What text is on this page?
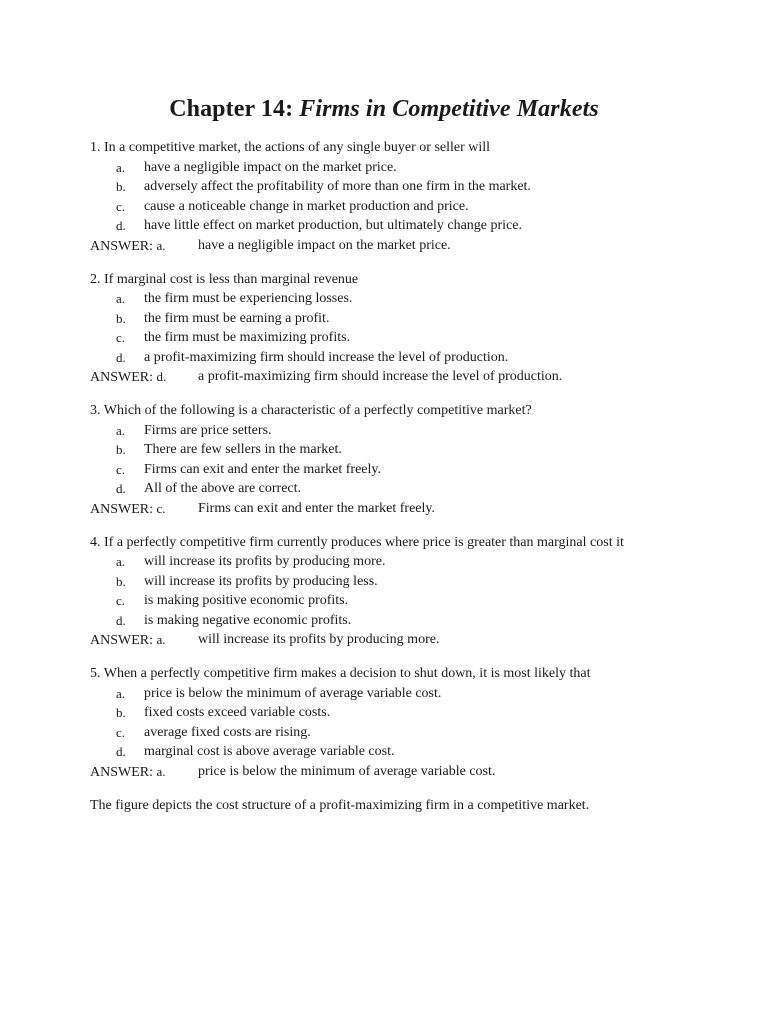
Chapter 14: Firms in Competitive Markets

1. In a competitive market, the actions of any single buyer or seller will

a.	have a negligible impact on the market price.
b.	adversely affect the profitability of more than one firm in the market.
c.	cause a noticeable change in market production and price.
d.	have little effect on market production, but ultimately change price.
ANSWER: a.	have a negligible impact on the market price.

2. If marginal cost is less than marginal revenue

a.	the firm must be experiencing losses.
b.	the firm must be earning a profit.
c.	the firm must be maximizing profits.
d.	a profit-maximizing firm should increase the level of production.
ANSWER: d.	a profit-maximizing firm should increase the level of production.

3. Which of the following is a characteristic of a perfectly competitive market?

a.	Firms are price setters.
b.	There are few sellers in the market.
c.	Firms can exit and enter the market freely.
d.	All of the above are correct.
ANSWER: c.	Firms can exit and enter the market freely.

4. If a perfectly competitive firm currently produces where price is greater than marginal cost it

a.	will increase its profits by producing more.
b.	will increase its profits by producing less.
c.	is making positive economic profits.
d.	is making negative economic profits.
ANSWER: a.	will increase its profits by producing more.

5. When a perfectly competitive firm makes a decision to shut down, it is most likely that

a.	price is below the minimum of average variable cost.
b.	fixed costs exceed variable costs.
c.	average fixed costs are rising.
d.	marginal cost is above average variable cost.
ANSWER: a.	price is below the minimum of average variable cost.

The figure depicts the cost structure of a profit-maximizing firm in a competitive market.
